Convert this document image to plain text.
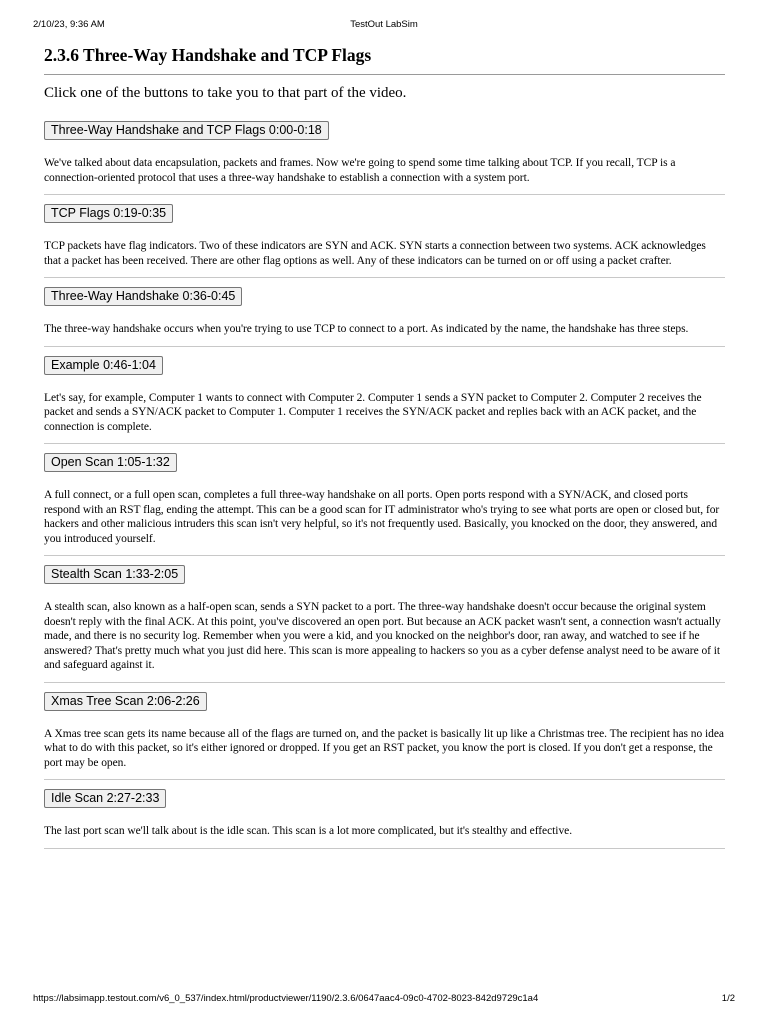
2/10/23, 9:36 AM	TestOut LabSim
2.3.6 Three-Way Handshake and TCP Flags

Click one of the buttons to take you to that part of the video.

Three-Way Handshake and TCP Flags 0:00-0:18

We've talked about data encapsulation, packets and frames. Now we're going to spend some time talking about TCP. If you recall, TCP is a connection-oriented protocol that uses a three-way handshake to establish a connection with a system port.

TCP Flags 0:19-0:35

TCP packets have flag indicators. Two of these indicators are SYN and ACK. SYN starts a connection between two systems. ACK acknowledges that a packet has been received. There are other flag options as well. Any of these indicators can be turned on or off using a packet crafter.

Three-Way Handshake 0:36-0:45

The three-way handshake occurs when you're trying to use TCP to connect to a port. As indicated by the name, the handshake has three steps.

Example 0:46-1:04

Let's say, for example, Computer 1 wants to connect with Computer 2. Computer 1 sends a SYN packet to Computer 2. Computer 2 receives the packet and sends a SYN/ACK packet to Computer 1. Computer 1 receives the SYN/ACK packet and replies back with an ACK packet, and the connection is complete.

Open Scan 1:05-1:32

A full connect, or a full open scan, completes a full three-way handshake on all ports. Open ports respond with a SYN/ACK, and closed ports respond with an RST flag, ending the attempt. This can be a good scan for IT administrator who's trying to see what ports are open or closed but, for hackers and other malicious intruders this scan isn't very helpful, so it's not frequently used. Basically, you knocked on the door, they answered, and you introduced yourself.

Stealth Scan 1:33-2:05

A stealth scan, also known as a half-open scan, sends a SYN packet to a port. The three-way handshake doesn't occur because the original system doesn't reply with the final ACK. At this point, you've discovered an open port. But because an ACK packet wasn't sent, a connection wasn't actually made, and there is no security log. Remember when you were a kid, and you knocked on the neighbor's door, ran away, and watched to see if he answered? That's pretty much what you just did here. This scan is more appealing to hackers so you as a cyber defense analyst need to be aware of it and safeguard against it.

Xmas Tree Scan 2:06-2:26

A Xmas tree scan gets its name because all of the flags are turned on, and the packet is basically lit up like a Christmas tree. The recipient has no idea what to do with this packet, so it's either ignored or dropped. If you get an RST packet, you know the port is closed. If you don't get a response, the port may be open.

Idle Scan 2:27-2:33

The last port scan we'll talk about is the idle scan. This scan is a lot more complicated, but it's stealthy and effective.

https://labsimapp.testout.com/v6_0_537/index.html/productviewer/1190/2.3.6/0647aac4-09c0-4702-8023-842d9729c1a4	1/2
